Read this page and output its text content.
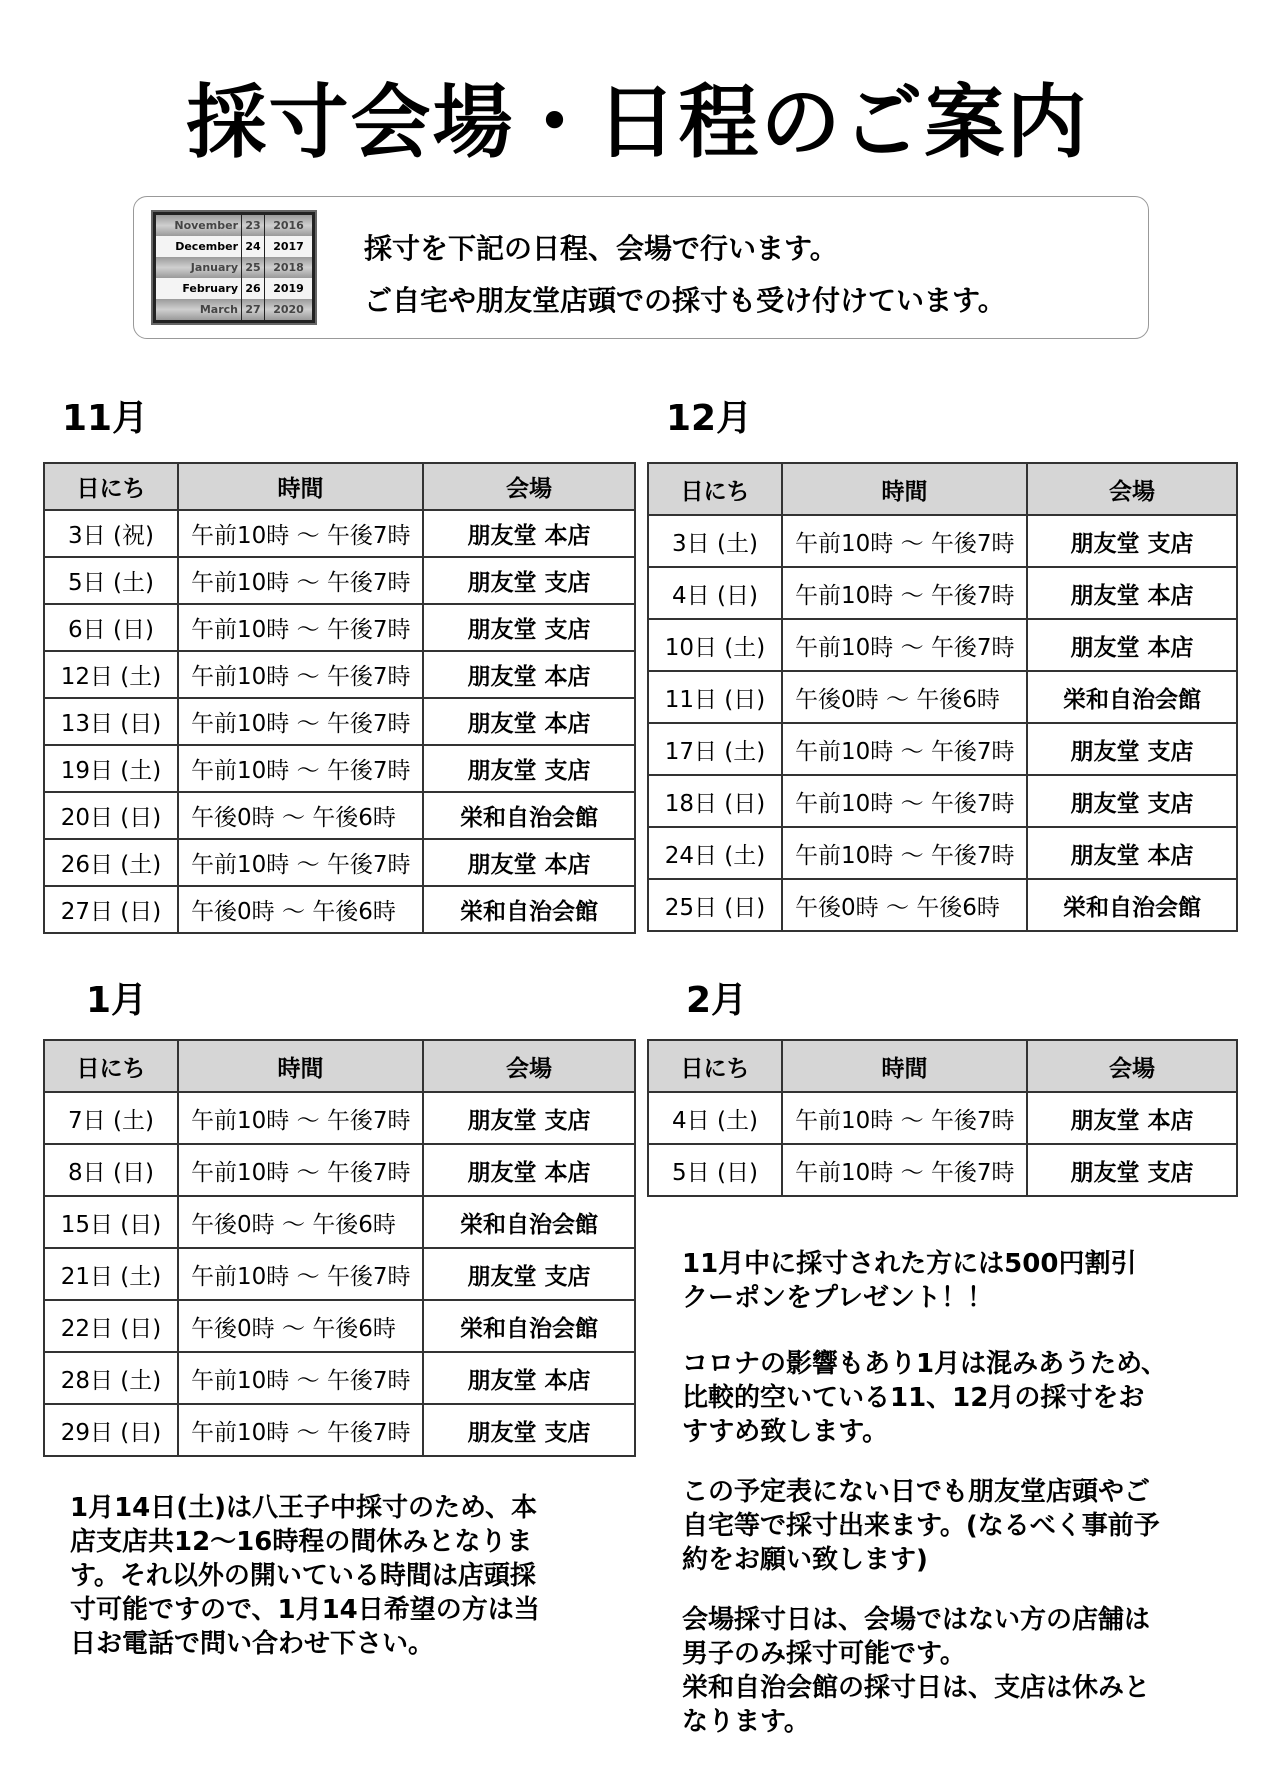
採寸会場・日程のご案内
November 23	2016
December 24	2017
January 25	2018
February 26	2019
March 27	2020
採寸を下記の日程、会場で行います。
ご自宅や朋友堂店頭での採寸も受け付けています。
11月
日にち	時間	会場
3日 (祝)	午前10時 〜 午後7時	朋友堂 本店
5日 (土)	午前10時 〜 午後7時	朋友堂 支店
6日 (日)	午前10時 〜 午後7時	朋友堂 支店
12日 (土)	午前10時 〜 午後7時	朋友堂 本店
13日 (日)	午前10時 〜 午後7時	朋友堂 本店
19日 (土)	午前10時 〜 午後7時	朋友堂 支店
20日 (日)	午後0時 〜 午後6時	栄和自治会館
26日 (土)	午前10時 〜 午後7時	朋友堂 本店
27日 (日)	午後0時 〜 午後6時	栄和自治会館
12月
日にち	時間	会場
3日 (土)	午前10時 〜 午後7時	朋友堂 支店
4日 (日)	午前10時 〜 午後7時	朋友堂 本店
10日 (土)	午前10時 〜 午後7時	朋友堂 本店
11日 (日)	午後0時 〜 午後6時	栄和自治会館
17日 (土)	午前10時 〜 午後7時	朋友堂 支店
18日 (日)	午前10時 〜 午後7時	朋友堂 支店
24日 (土)	午前10時 〜 午後7時	朋友堂 本店
25日 (日)	午後0時 〜 午後6時	栄和自治会館
1月
日にち	時間	会場
7日 (土)	午前10時 〜 午後7時	朋友堂 支店
8日 (日)	午前10時 〜 午後7時	朋友堂 本店
15日 (日)	午後0時 〜 午後6時	栄和自治会館
21日 (土)	午前10時 〜 午後7時	朋友堂 支店
22日 (日)	午後0時 〜 午後6時	栄和自治会館
28日 (土)	午前10時 〜 午後7時	朋友堂 本店
29日 (日)	午前10時 〜 午後7時	朋友堂 支店
2月
日にち	時間	会場
4日 (土)	午前10時 〜 午後7時	朋友堂 本店
5日 (日)	午前10時 〜 午後7時	朋友堂 支店
1月14日(土)は八王子中採寸のため、本
店支店共12〜16時程の間休みとなりま
す。それ以外の開いている時間は店頭採
寸可能ですので、1月14日希望の方は当
日お電話で問い合わせ下さい。
11月中に採寸された方には500円割引
クーポンをプレゼント！！
コロナの影響もあり1月は混みあうため、
比較的空いている11、12月の採寸をお
すすめ致します。
この予定表にない日でも朋友堂店頭やご
自宅等で採寸出来ます。(なるべく事前予
約をお願い致します)
会場採寸日は、会場ではない方の店舗は
男子のみ採寸可能です。
栄和自治会館の採寸日は、支店は休みと
なります。
